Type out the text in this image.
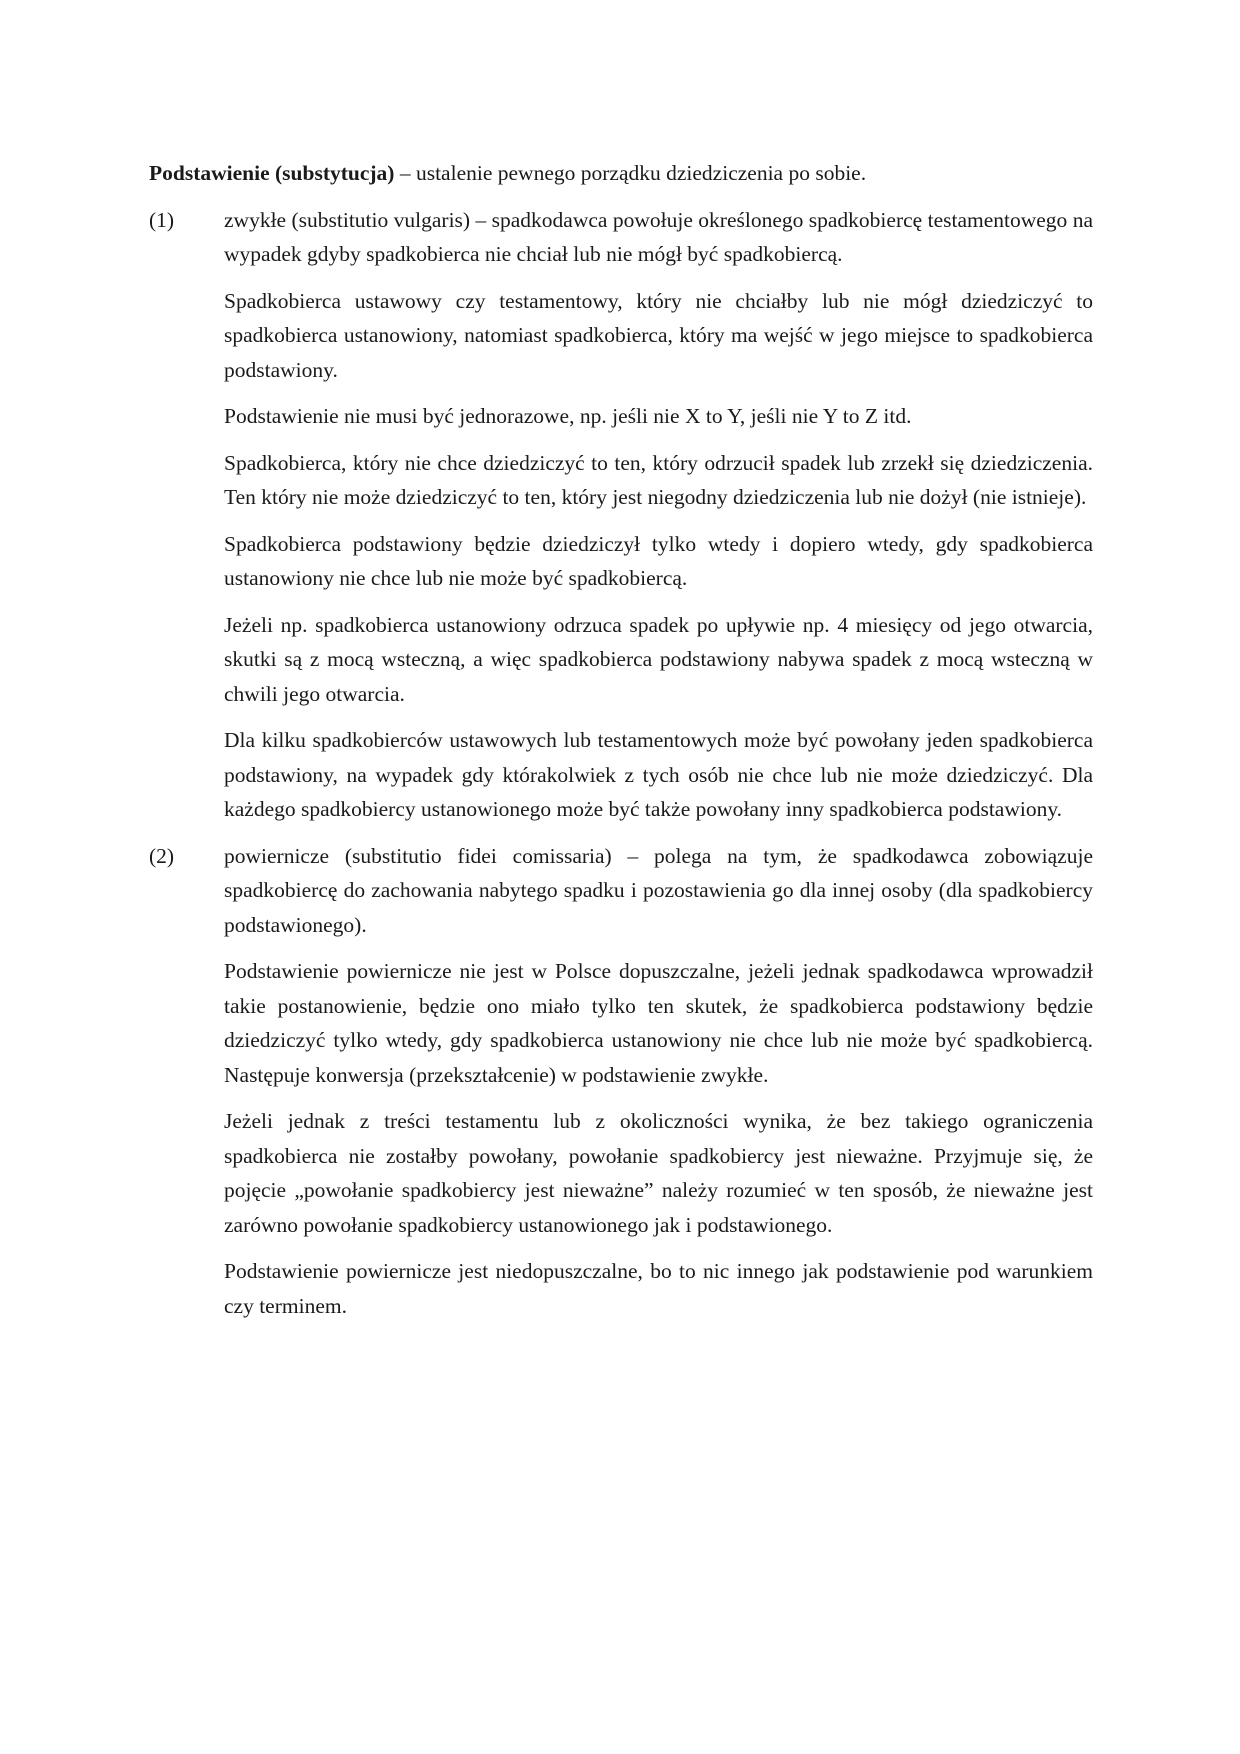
Podstawienie (substytucja) – ustalenie pewnego porządku dziedziczenia po sobie.

(1) zwykłe (substitutio vulgaris) – spadkodawca powołuje określonego spadkobiercę testamentowego na wypadek gdyby spadkobierca nie chciał lub nie mógł być spadkobiercą.

Spadkobierca ustawowy czy testamentowy, który nie chciałby lub nie mógł dziedziczyć to spadkobierca ustanowiony, natomiast spadkobierca, który ma wejść w jego miejsce to spadkobierca podstawiony.

Podstawienie nie musi być jednorazowe, np. jeśli nie X to Y, jeśli nie Y to Z itd.

Spadkobierca, który nie chce dziedziczyć to ten, który odrzucił spadek lub zrzekł się dziedziczenia. Ten który nie może dziedziczyć to ten, który jest niegodny dziedziczenia lub nie dożył (nie istnieje).

Spadkobierca podstawiony będzie dziedziczył tylko wtedy i dopiero wtedy, gdy spadkobierca ustanowiony nie chce lub nie może być spadkobiercą.

Jeżeli np. spadkobierca ustanowiony odrzuca spadek po upływie np. 4 miesięcy od jego otwarcia, skutki są z mocą wsteczną, a więc spadkobierca podstawiony nabywa spadek z mocą wsteczną w chwili jego otwarcia.

Dla kilku spadkobierców ustawowych lub testamentowych może być powołany jeden spadkobierca podstawiony, na wypadek gdy którakolwiek z tych osób nie chce lub nie może dziedziczyć. Dla każdego spadkobiercy ustanowionego może być także powołany inny spadkobierca podstawiony.

(2) powiernicze (substitutio fidei comissaria) – polega na tym, że spadkodawca zobowiązuje spadkobiercę do zachowania nabytego spadku i pozostawienia go dla innej osoby (dla spadkobiercy podstawionego).

Podstawienie powiernicze nie jest w Polsce dopuszczalne, jeżeli jednak spadkodawca wprowadził takie postanowienie, będzie ono miało tylko ten skutek, że spadkobierca podstawiony będzie dziedziczyć tylko wtedy, gdy spadkobierca ustanowiony nie chce lub nie może być spadkobiercą. Następuje konwersja (przekształcenie) w podstawienie zwykłe.

Jeżeli jednak z treści testamentu lub z okoliczności wynika, że bez takiego ograniczenia spadkobierca nie zostałby powołany, powołanie spadkobiercy jest nieważne. Przyjmuje się, że pojęcie „powołanie spadkobiercy jest nieważne” należy rozumieć w ten sposób, że nieważne jest zarówno powołanie spadkobiercy ustanowionego jak i podstawionego.

Podstawienie powiernicze jest niedopuszczalne, bo to nic innego jak podstawienie pod warunkiem czy terminem.
